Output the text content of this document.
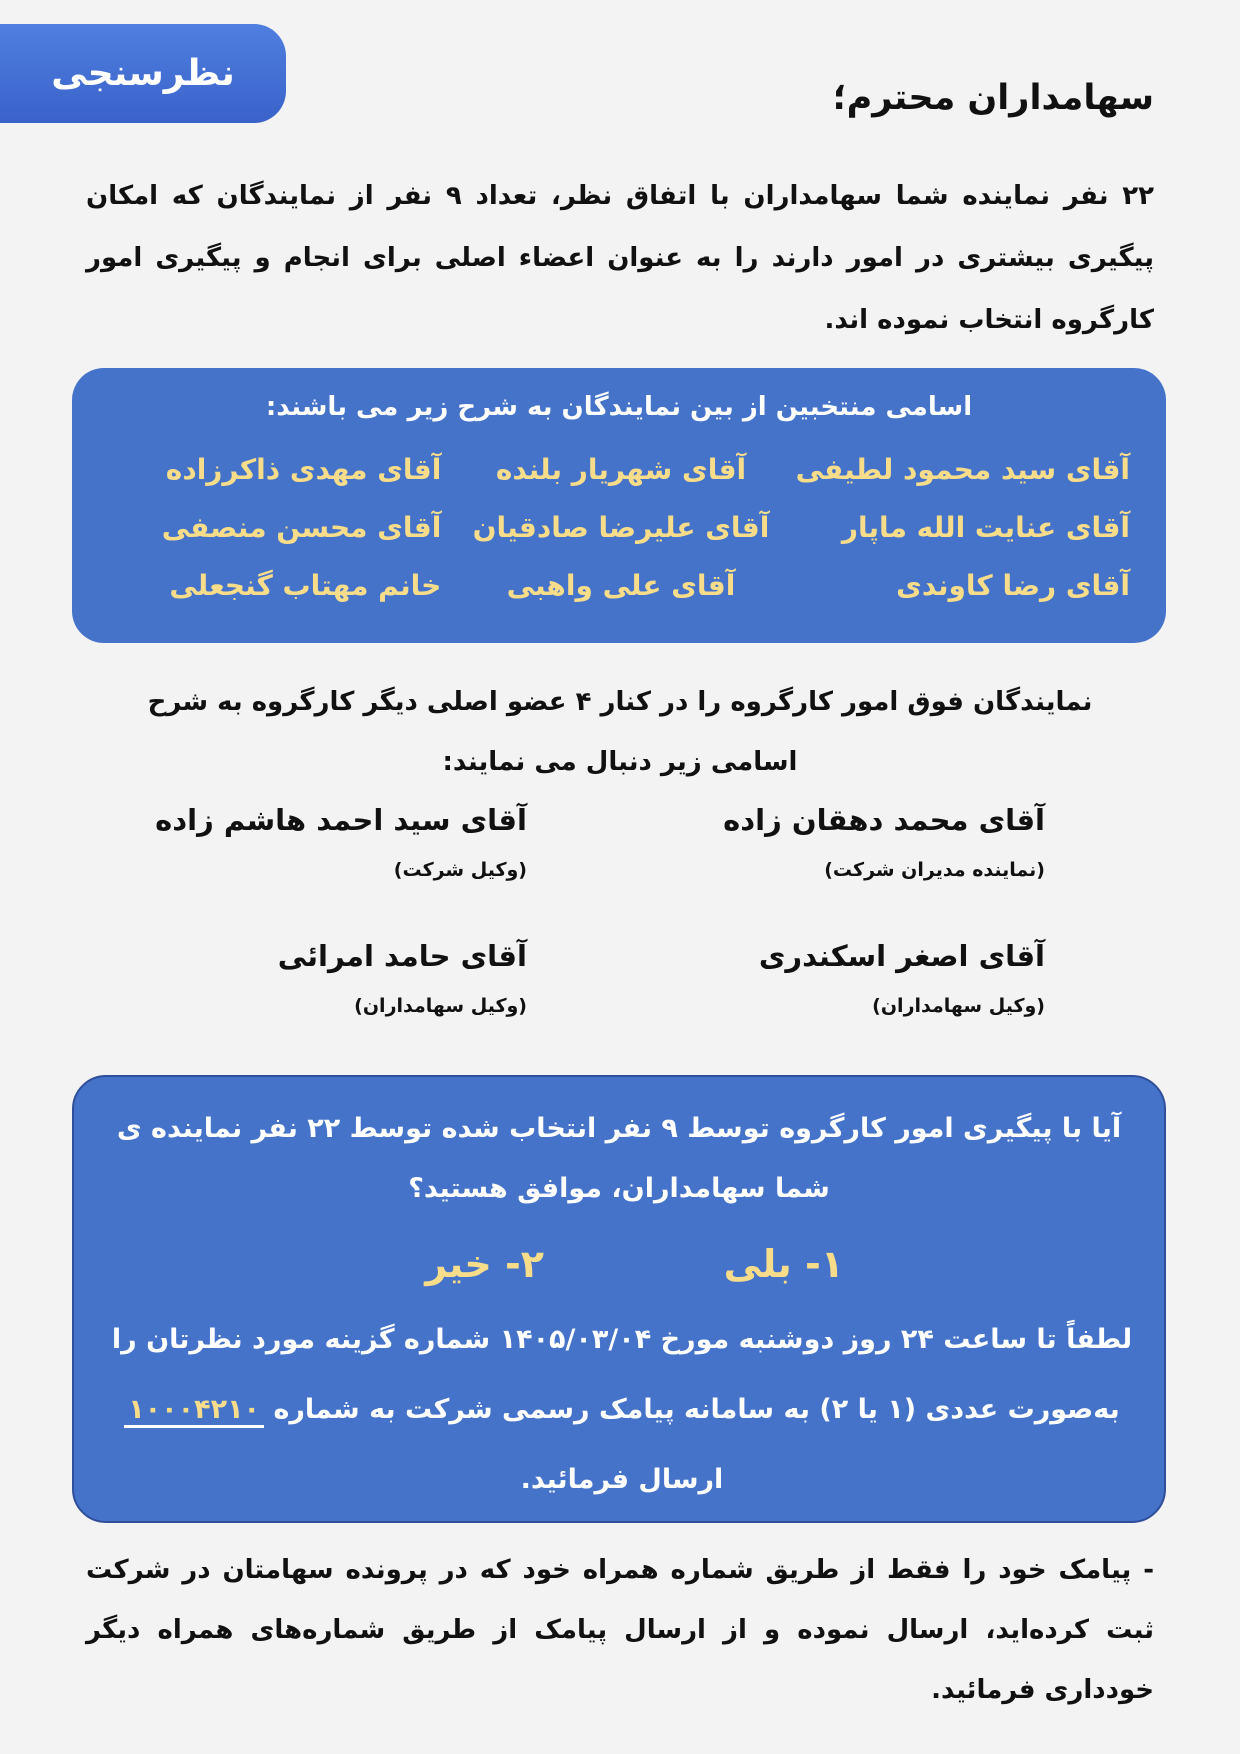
نظرسنجی
سهامداران محترم؛
۲۲ نفر نماینده شما سهامداران با اتفاق نظر، تعداد ۹ نفر از نمایندگان که امکان پیگیری بیشتری در امور دارند را به عنوان اعضاء اصلی برای انجام و پیگیری امور کارگروه انتخاب نموده اند.
اسامی منتخبین از بین نمایندگان به شرح زیر می باشند:
آقای سید محمود لطیفی
آقای شهریار بلنده
آقای مهدی ذاکرزاده
آقای عنایت الله ماپار
آقای علیرضا صادقیان
آقای محسن منصفی
آقای رضا کاوندی
آقای علی واهبی
خانم مهتاب گنجعلی
نمایندگان فوق امور کارگروه را در کنار ۴ عضو اصلی دیگر کارگروه به شرح اسامی زیر دنبال می نمایند:
آقای محمد دهقان زاده
(نماینده مدیران شرکت)
آقای سید احمد هاشم زاده
(وکیل شرکت)
آقای اصغر اسکندری
(وکیل سهامداران)
آقای حامد امرائی
(وکیل سهامداران)
آیا با پیگیری امور کارگروه توسط ۹ نفر انتخاب شده توسط ۲۲ نفر نماینده ی شما سهامداران، موافق هستید؟
۱- بلی
۲- خیر
لطفاً تا ساعت ۲۴ روز دوشنبه مورخ ۱۴۰۵/۰۳/۰۴ شماره گزینه مورد نظرتان را به‌صورت عددی (۱ یا ۲) به سامانه پیامک رسمی شرکت به شماره ۱۰۰۰۴۲۱۰ ارسال فرمائید.
- پیامک خود را فقط از طریق شماره همراه خود که در پرونده سهامتان در شرکت ثبت کرده‌اید، ارسال نموده و از ارسال پیامک از طریق شماره‌های همراه دیگر خودداری فرمائید.
